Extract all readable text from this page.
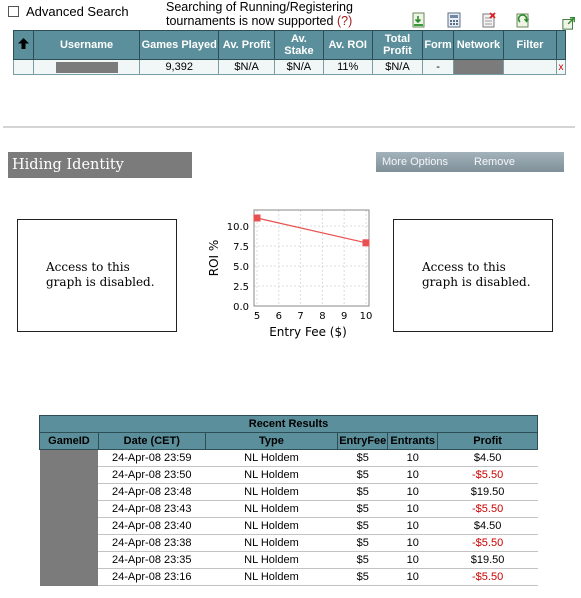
Advanced Search	Searching of Running/Registering tournaments is now supported (?)
	Username	Games Played	Av. Profit	Av. Stake	Av. ROI	Total Profit	Form	Network	Filter	
		9,392	$N/A	$N/A	11%	$N/A	-			x
Hiding Identity	More Options Remove
Access to this graph is disabled.
Access to this graph is disabled.
0.0
2.5
5.0
7.5
10.0
5 6 7 8 9 10
Entry Fee ($)
ROI %
Recent Results					
GameID	Date (CET)	Type	EntryFee	Entrants	Profit
	24-Apr-08 23:59	NL Holdem	$5	10	$4.50
	24-Apr-08 23:50	NL Holdem	$5	10	-$5.50
	24-Apr-08 23:48	NL Holdem	$5	10	$19.50
	24-Apr-08 23:43	NL Holdem	$5	10	-$5.50
	24-Apr-08 23:40	NL Holdem	$5	10	$4.50
	24-Apr-08 23:38	NL Holdem	$5	10	-$5.50
	24-Apr-08 23:35	NL Holdem	$5	10	$19.50
	24-Apr-08 23:16	NL Holdem	$5	10	-$5.50
